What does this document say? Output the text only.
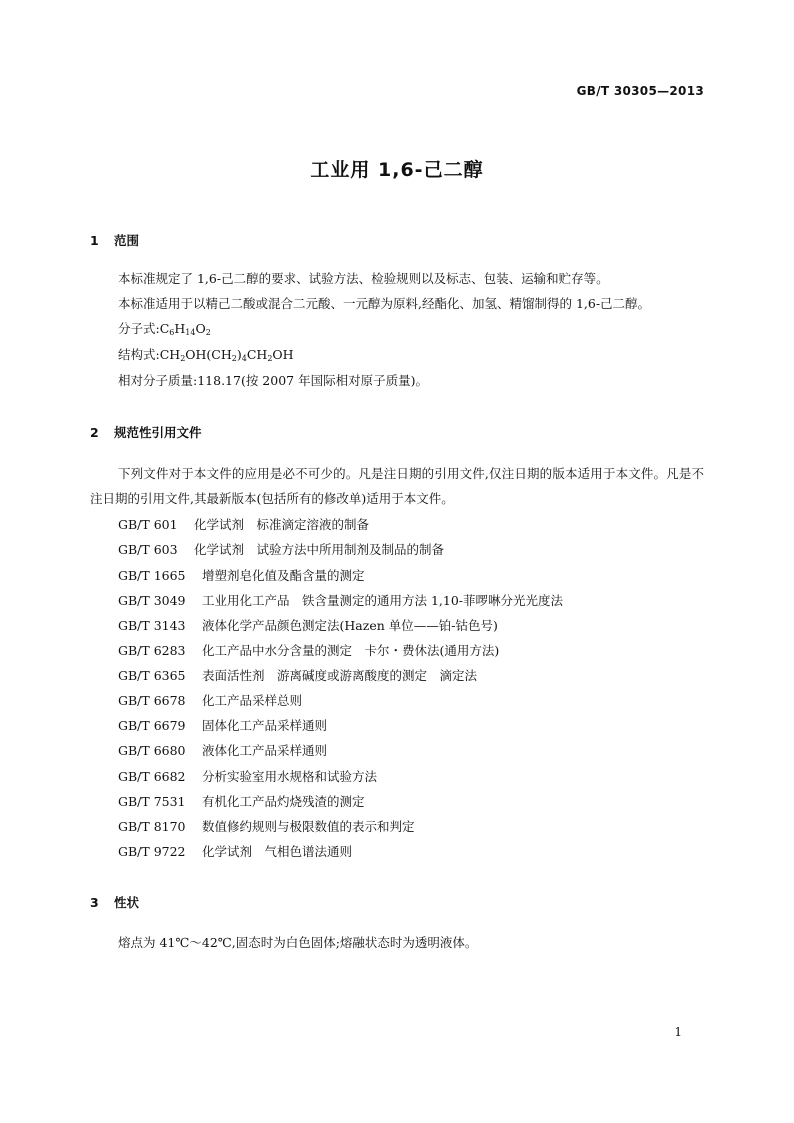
GB/T 30305—2013
工业用 1,6-己二醇
1 范围
本标准规定了 1,6-己二醇的要求、试验方法、检验规则以及标志、包装、运输和贮存等。
本标准适用于以精己二酸或混合二元酸、一元醇为原料,经酯化、加氢、精馏制得的 1,6-己二醇。
分子式$:C_6H_{14}O_2$
结构式$:CH_2OH(CH_2)_4CH_2OH$
相对分子质量:118.17(按 2007 年国际相对原子质量)。
2 规范性引用文件
下列文件对于本文件的应用是必不可少的。凡是注日期的引用文件,仅注日期的版本适用于本文件。凡是不注日期的引用文件,其最新版本(包括所有的修改单)适用于本文件。
GB/T 601 化学试剂　标准滴定溶液的制备
GB/T 603 化学试剂　试验方法中所用制剂及制品的制备
GB/T 1665 增塑剂皂化值及酯含量的测定
GB/T 3049 工业用化工产品　铁含量测定的通用方法 1,10-菲啰啉分光光度法
GB/T 3143 液体化学产品颜色测定法(Hazen 单位——铂-钴色号)
GB/T 6283 化工产品中水分含量的测定　卡尔・费休法(通用方法)
GB/T 6365 表面活性剂　游离碱度或游离酸度的测定　滴定法
GB/T 6678 化工产品采样总则
GB/T 6679 固体化工产品采样通则
GB/T 6680 液体化工产品采样通则
GB/T 6682 分析实验室用水规格和试验方法
GB/T 7531 有机化工产品灼烧残渣的测定
GB/T 8170 数值修约规则与极限数值的表示和判定
GB/T 9722 化学试剂　气相色谱法通则
3 性状
熔点为 41℃～42℃,固态时为白色固体;熔融状态时为透明液体。
1
